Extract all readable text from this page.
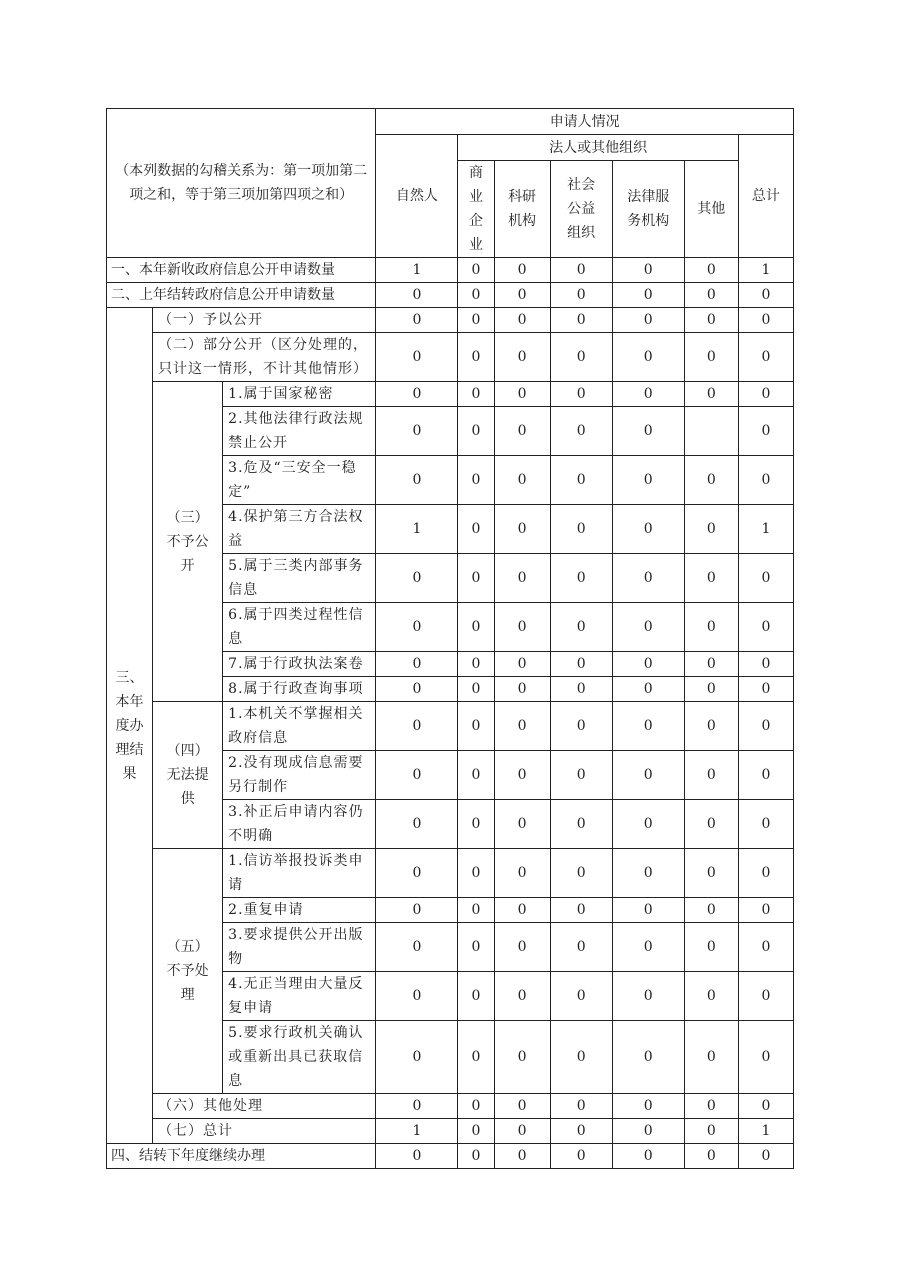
（本列数据的勾稽关系为：第一项加第二项之和，等于第三项加第四项之和）			申请人情况						
			自然人	法人或其他组织					总计
				商业企业	科研机构	社会公益组织	法律服务机构	其他	
一、本年新收政府信息公开申请数量			1	0	0	0	0	0	1
二、上年结转政府信息公开申请数量			0	0	0	0	0	0	0
三、本年度办理结果	（一）予以公开		0	0	0	0	0	0	0
	（二）部分公开（区分处理的，只计这一情形，不计其他情形）		0	0	0	0	0	0	0
	（三）不予公开	1.属于国家秘密	0	0	0	0	0	0	0
		2.其他法律行政法规禁止公开	0	0	0	0	0		0
		3.危及“三安全一稳定”	0	0	0	0	0	0	0
		4.保护第三方合法权益	1	0	0	0	0	0	1
		5.属于三类内部事务信息	0	0	0	0	0	0	0
		6.属于四类过程性信息	0	0	0	0	0	0	0
		7.属于行政执法案卷	0	0	0	0	0	0	0
		8.属于行政查询事项	0	0	0	0	0	0	0
	（四）无法提供	1.本机关不掌握相关政府信息	0	0	0	0	0	0	0
		2.没有现成信息需要另行制作	0	0	0	0	0	0	0
		3.补正后申请内容仍不明确	0	0	0	0	0	0	0
	（五）不予处理	1.信访举报投诉类申请	0	0	0	0	0	0	0
		2.重复申请	0	0	0	0	0	0	0
		3.要求提供公开出版物	0	0	0	0	0	0	0
		4.无正当理由大量反复申请	0	0	0	0	0	0	0
		5.要求行政机关确认或重新出具已获取信息	0	0	0	0	0	0	0
	（六）其他处理		0	0	0	0	0	0	0
	（七）总计		1	0	0	0	0	0	1
四、结转下年度继续办理			0	0	0	0	0	0	0
